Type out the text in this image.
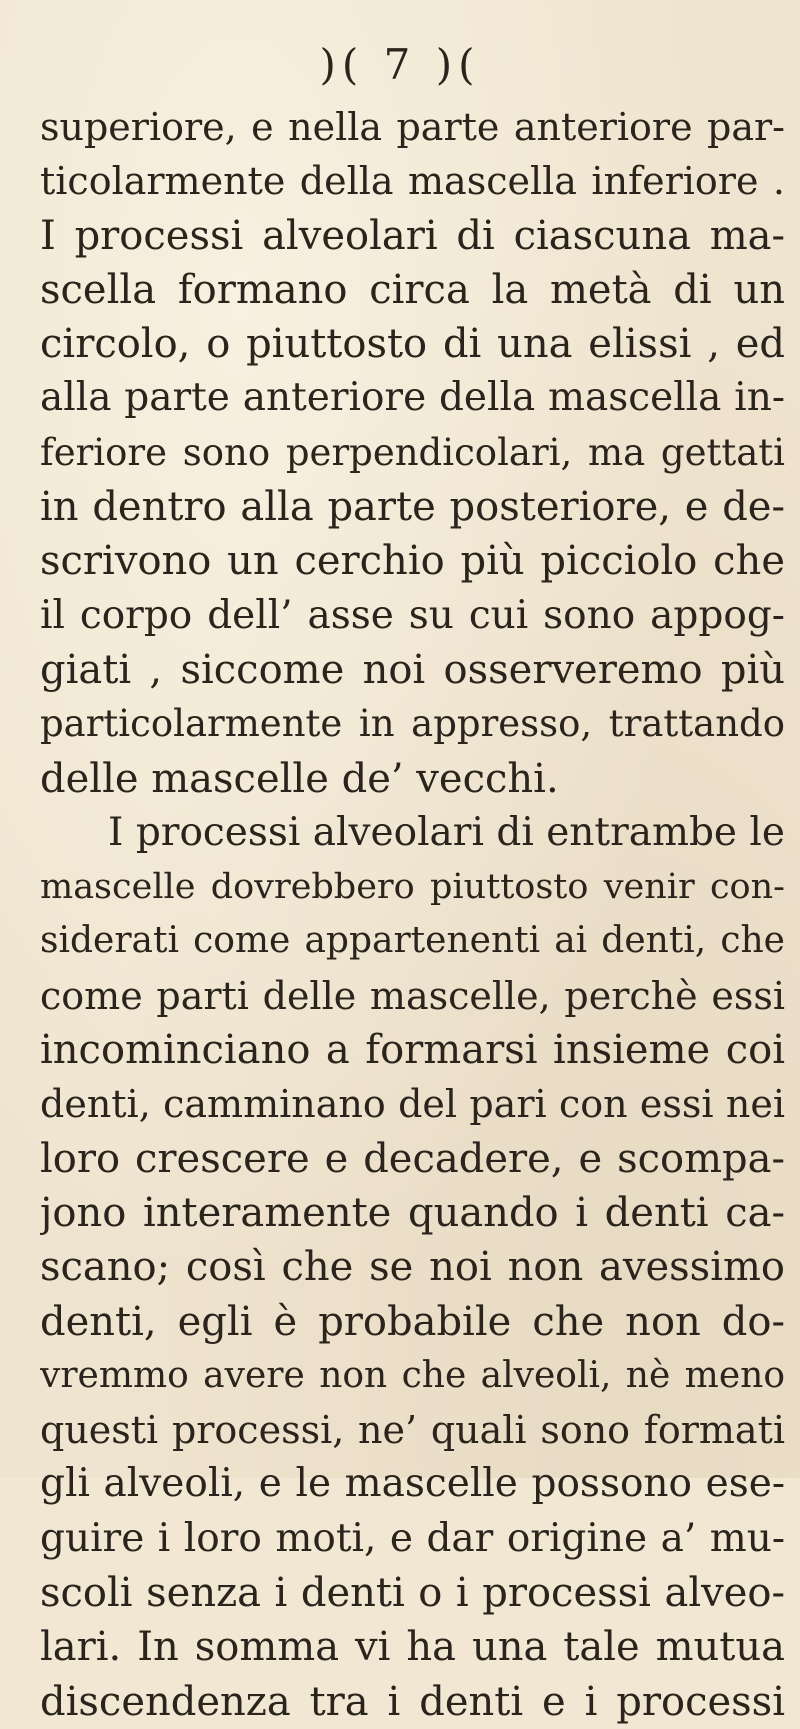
)( 7 )(
superiore, e nella parte anteriore par-
ticolarmente della mascella inferiore .
I processi alveolari di ciascuna ma-
scella formano circa la metà di un
circolo, o piuttosto di una elissi , ed
alla parte anteriore della mascella in-
feriore sono perpendicolari, ma gettati
in dentro alla parte posteriore, e de-
scrivono un cerchio più picciolo che
il corpo dell’ asse su cui sono appog-
giati , siccome noi osserveremo più
particolarmente in appresso, trattando
delle mascelle de’ vecchi.
I processi alveolari di entrambe le
mascelle dovrebbero piuttosto venir con-
siderati come appartenenti ai denti, che
come parti delle mascelle, perchè essi
incominciano a formarsi insieme coi
denti, camminano del pari con essi nei
loro crescere e decadere, e scompa-
jono interamente quando i denti ca-
scano; così che se noi non avessimo
denti, egli è probabile che non do-
vremmo avere non che alveoli, nè meno
questi processi, ne’ quali sono formati
gli alveoli, e le mascelle possono ese-
guire i loro moti, e dar origine a’ mu-
scoli senza i denti o i processi alveo-
lari. In somma vi ha una tale mutua
discendenza tra i denti e i processi
